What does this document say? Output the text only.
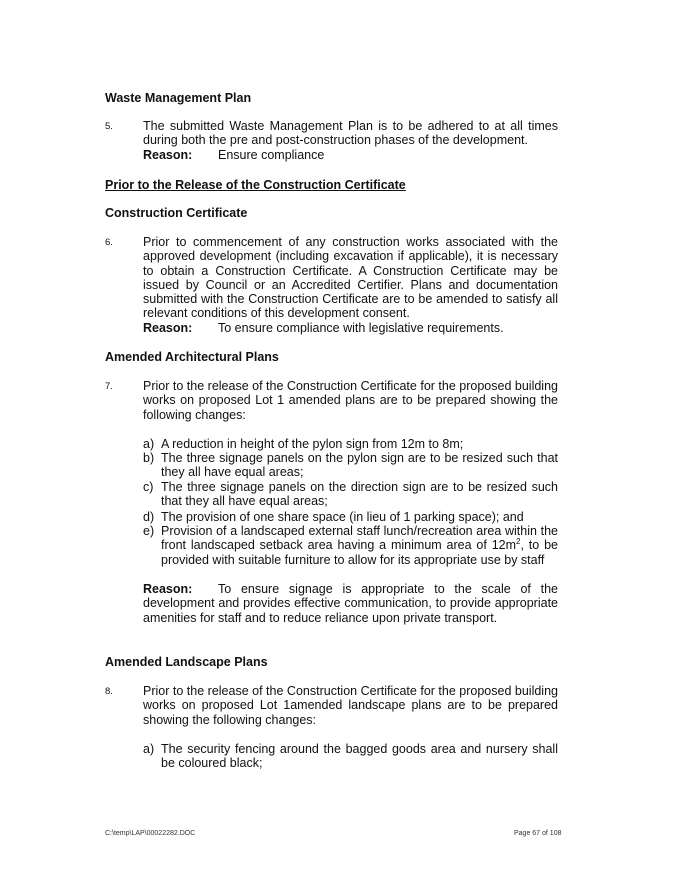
Waste Management Plan
5. The submitted Waste Management Plan is to be adhered to at all times during both the pre and post-construction phases of the development.
Reason: Ensure compliance
Prior to the Release of the Construction Certificate
Construction Certificate
6. Prior to commencement of any construction works associated with the approved development (including excavation if applicable), it is necessary to obtain a Construction Certificate. A Construction Certificate may be issued by Council or an Accredited Certifier. Plans and documentation submitted with the Construction Certificate are to be amended to satisfy all relevant conditions of this development consent.
Reason: To ensure compliance with legislative requirements.
Amended Architectural Plans
7. Prior to the release of the Construction Certificate for the proposed building works on proposed Lot 1 amended plans are to be prepared showing the following changes:
a) A reduction in height of the pylon sign from 12m to 8m;
b) The three signage panels on the pylon sign are to be resized such that they all have equal areas;
c) The three signage panels on the direction sign are to be resized such that they all have equal areas;
d) The provision of one share space (in lieu of 1 parking space); and
e) Provision of a landscaped external staff lunch/recreation area within the front landscaped setback area having a minimum area of $12m^2$, to be provided with suitable furniture to allow for its appropriate use by staff
Reason: To ensure signage is appropriate to the scale of the development and provides effective communication, to provide appropriate amenities for staff and to reduce reliance upon private transport.
Amended Landscape Plans
8. Prior to the release of the Construction Certificate for the proposed building works on proposed Lot 1amended landscape plans are to be prepared showing the following changes:
a) The security fencing around the bagged goods area and nursery shall be coloured black;
C:\temp\LAP\00022282.DOC	Page 67 of 108
